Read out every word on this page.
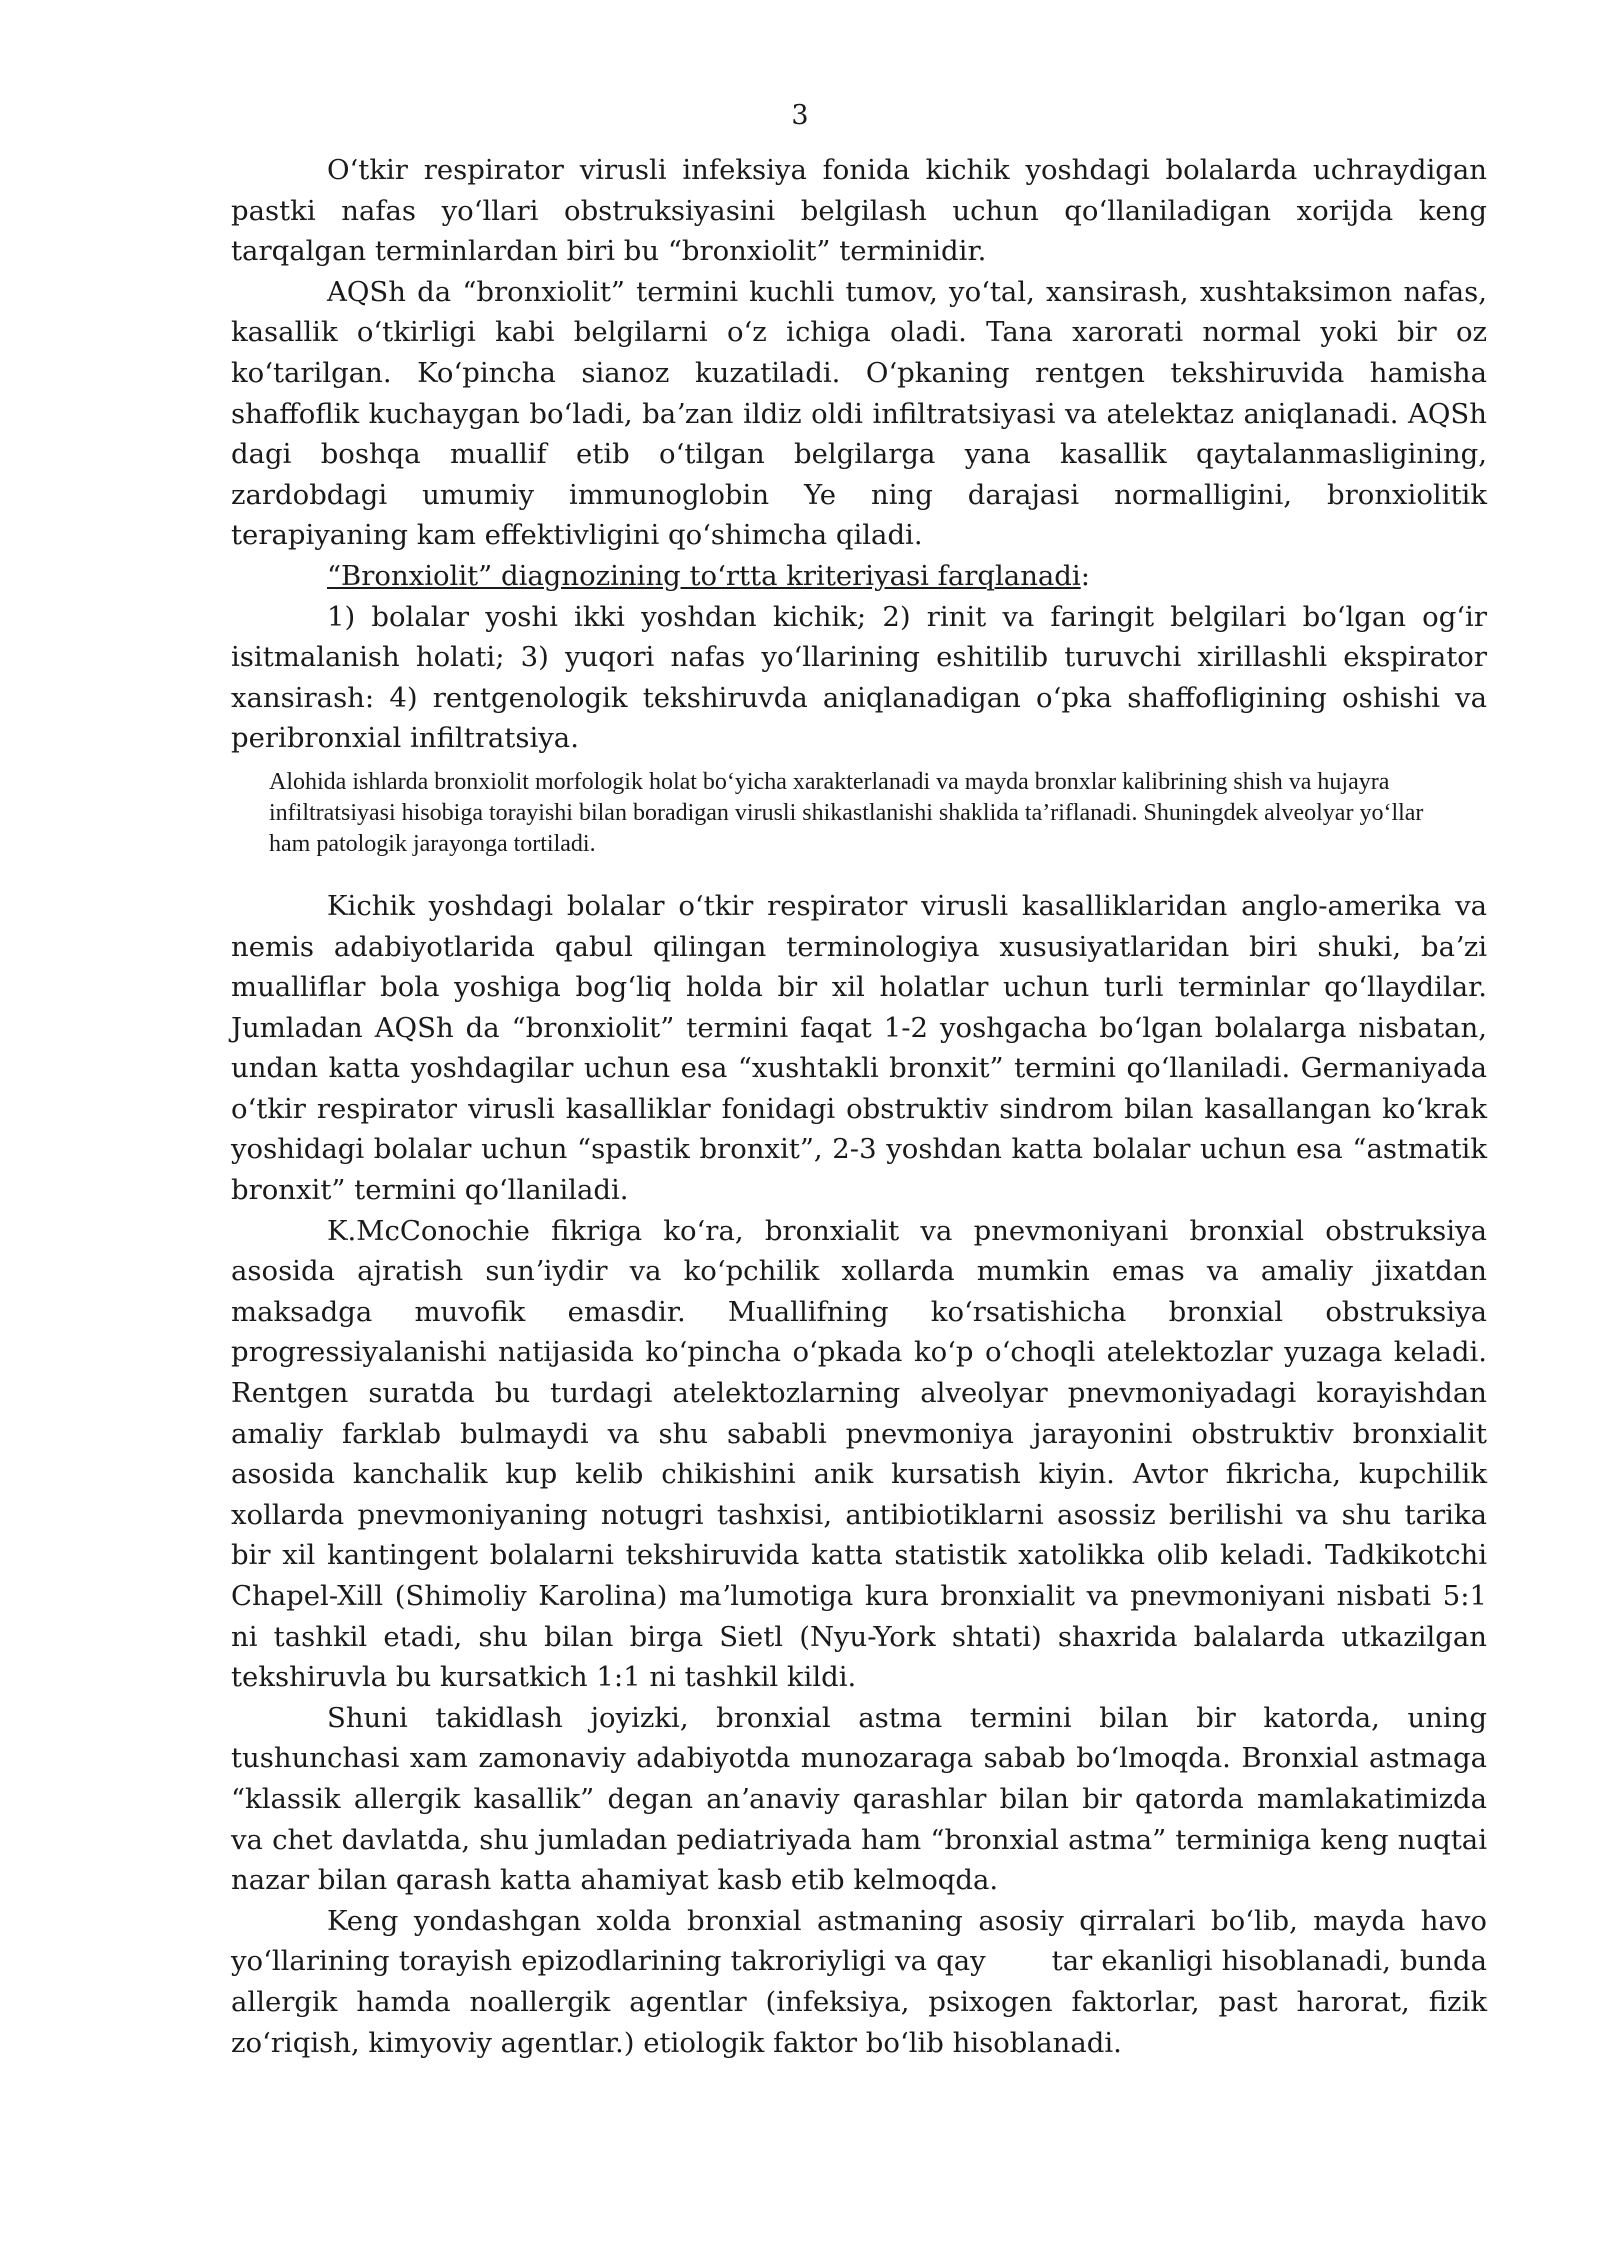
3

Oʻtkir respirator virusli infeksiya fonida kichik yoshdagi bolalarda uchraydigan pastki nafas yoʻllari obstruksiyasini belgilash uchun qoʻllaniladigan xorijda keng tarqalgan terminlardan biri bu “bronxiolit” terminidir.

AQSh da “bronxiolit” termini kuchli tumov, yoʻtal, xansirash, xushtaksimon nafas, kasallik oʻtkirligi kabi belgilarni oʻz ichiga oladi. Tana xarorati normal yoki bir oz koʻtarilgan. Koʻpincha sianoz kuzatiladi. Oʻpkaning rentgen tekshiruvida hamisha shaffoflik kuchaygan boʻladi, baʼzan ildiz oldi infiltratsiyasi va atelektaz aniqlanadi. AQSh dagi boshqa muallif etib oʻtilgan belgilarga yana kasallik qaytalanmasligining, zardobdagi umumiy immunoglobin Ye ning darajasi normalligini, bronxiolitik terapiyaning kam effektivligini qoʻshimcha qiladi.

“Bronxiolit” diagnozining toʻrtta kriteriyasi farqlanadi:

1) bolalar yoshi ikki yoshdan kichik; 2) rinit va faringit belgilari boʻlgan ogʻir isitmalanish holati; 3) yuqori nafas yoʻllarining eshitilib turuvchi xirillashli ekspirator xansirash: 4) rentgenologik tekshiruvda aniqlanadigan oʻpka shaffofligining oshishi va peribronxial infiltratsiya.

Alohida ishlarda bronxiolit morfologik holat boʻyicha xarakterlanadi va mayda bronxlar kalibrining shish va hujayra infiltratsiyasi hisobiga torayishi bilan boradigan virusli shikastlanishi shaklida taʼriflanadi. Shuningdek alveolyar yoʻllar ham patologik jarayonga tortiladi.

Kichik yoshdagi bolalar oʻtkir respirator virusli kasalliklaridan anglo-amerika va nemis adabiyotlarida qabul qilingan terminologiya xususiyatlaridan biri shuki, baʼzi mualliflar bola yoshiga bogʻliq holda bir xil holatlar uchun turli terminlar qoʻllaydilar. Jumladan AQSh da “bronxiolit” termini faqat 1-2 yoshgacha boʻlgan bolalarga nisbatan, undan katta yoshdagilar uchun esa “xushtakli bronxit” termini qoʻllaniladi. Germaniyada oʻtkir respirator virusli kasalliklar fonidagi obstruktiv sindrom bilan kasallangan koʻkrak yoshidagi bolalar uchun “spastik bronxit”, 2-3 yoshdan katta bolalar uchun esa “astmatik bronxit” termini qoʻllaniladi.

K.McConochie fikriga koʻra, bronxialit va pnevmoniyani bronxial obstruksiya asosida ajratish sunʼiydir va koʻpchilik xollarda mumkin emas va amaliy jixatdan maksadga muvofik emasdir. Muallifning koʻrsatishicha bronxial obstruksiya progressiyalanishi natijasida koʻpincha oʻpkada koʻp oʻchoqli atelektozlar yuzaga keladi. Rentgen suratda bu turdagi atelektozlarning alveolyar pnevmoniyadagi korayishdan amaliy farklab bulmaydi va shu sababli pnevmoniya jarayonini obstruktiv bronxialit asosida kanchalik kup kelib chikishini anik kursatish kiyin. Avtor fikricha, kupchilik xollarda pnevmoniyaning notugri tashxisi, antibiotiklarni asossiz berilishi va shu tarika bir xil kantingent bolalarni tekshiruvida katta statistik xatolikka olib keladi. Tadkikotchi Chapel-Xill (Shimoliy Karolina) maʼlumotiga kura bronxialit va pnevmoniyani nisbati 5:1 ni tashkil etadi, shu bilan birga Sietl (Nyu-York shtati) shaxrida balalarda utkazilgan tekshiruvla bu kursatkich 1:1 ni tashkil kildi.

Shuni takidlash joyizki, bronxial astma termini bilan bir katorda, uning tushunchasi xam zamonaviy adabiyotda munozaraga sabab boʻlmoqda. Bronxial astmaga “klassik allergik kasallik” degan anʼanaviy qarashlar bilan bir qatorda mamlakatimizda va chet davlatda, shu jumladan pediatriyada ham “bronxial astma” terminiga keng nuqtai nazar bilan qarash katta ahamiyat kasb etib kelmoqda.

Keng yondashgan xolda bronxial astmaning asosiy qirralari boʻlib, mayda havo yoʻllarining torayish epizodlarining takroriyligi va qay tar ekanligi hisoblanadi, bunda allergik hamda noallergik agentlar (infeksiya, psixogen faktorlar, past harorat, fizik zoʻriqish, kimyoviy agentlar.) etiologik faktor boʻlib hisoblanadi.
